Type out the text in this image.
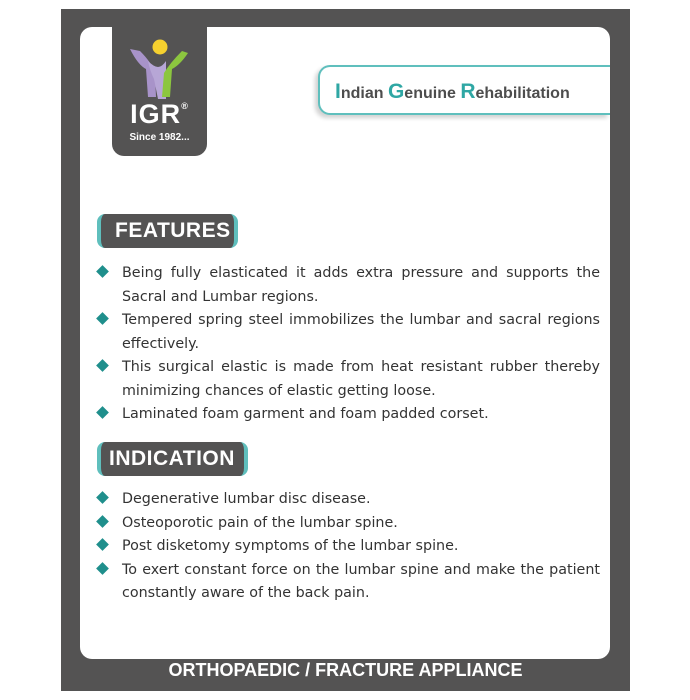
IGR®
Since 1982...
Indian Genuine Rehabilitation
FEATURES
Being fully elasticated it adds extra pressure and supports the Sacral and Lumbar regions.
Tempered spring steel immobilizes the lumbar and sacral regions effectively.
This surgical elastic is made from heat resistant rubber thereby minimizing chances of elastic getting loose.
Laminated foam garment and foam padded corset.
INDICATION
Degenerative lumbar disc disease.
Osteoporotic pain of the lumbar spine.
Post disketomy symptoms of the lumbar spine.
To exert constant force on the lumbar spine and make the patient constantly aware of the back pain.
ORTHOPAEDIC / FRACTURE APPLIANCE
